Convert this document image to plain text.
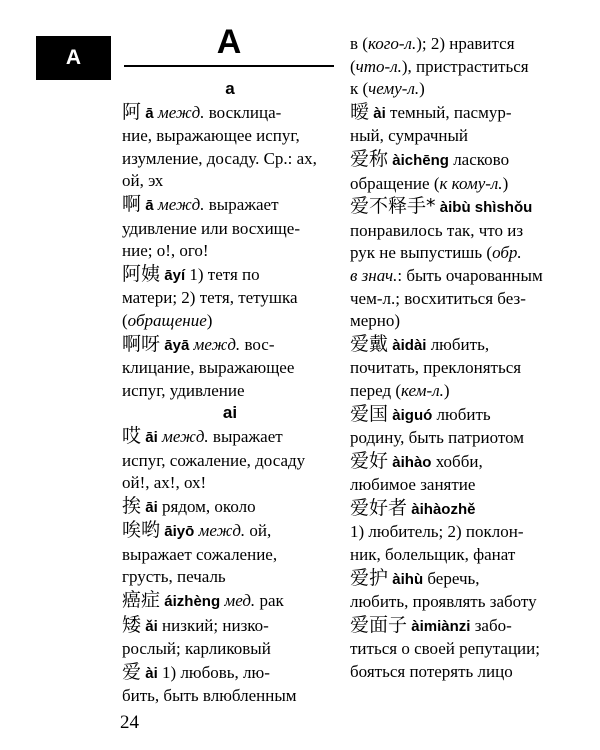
A	A
a
阿 ā межд. восклица-
ние, выражающее испуг,
изумление, досаду. Ср.: ах,
ой, эх
啊 ā межд. выражает
удивление или восхище-
ние; о!, ого!
阿姨 āyí 1) тетя по
матери; 2) тетя, тетушка
(обращение)
啊呀 āyā межд. вос-
клицание, выражающее
испуг, удивление
ai
哎 āi межд. выражает
испуг, сожаление, досаду
ой!, ах!, ох!
挨 āi рядом, около
唉哟 āiyō межд. ой,
выражает сожаление,
грусть, печаль
癌症 áizhèng мед. рак
矮 ǎi низкий; низко-
рослый; карликовый
爱 ài 1) любовь, лю-
бить, быть влюбленным
в (кого-л.); 2) нравится
(что-л.), пристраститься
к (чему-л.)
暧 ài темный, пасмур-
ный, сумрачный
爱称 àichēng ласково
обращение (к кому-л.)
爱不释手* àibù shìshǒu
понравилось так, что из
рук не выпустишь (обр.
в знач.: быть очарованным
чем-л.; восхититься без-
мерно)
爱戴 àidài любить,
почитать, преклоняться
перед (кем-л.)
爱国 àiguó любить
родину, быть патриотом
爱好 àihào хобби,
любимое занятие
爱好者 àihàozhě
1) любитель; 2) поклон-
ник, болельщик, фанат
爱护 àihù беречь,
любить, проявлять заботу
爱面子 àimiànzi забо-
титься о своей репутации;
бояться потерять лицо
24
